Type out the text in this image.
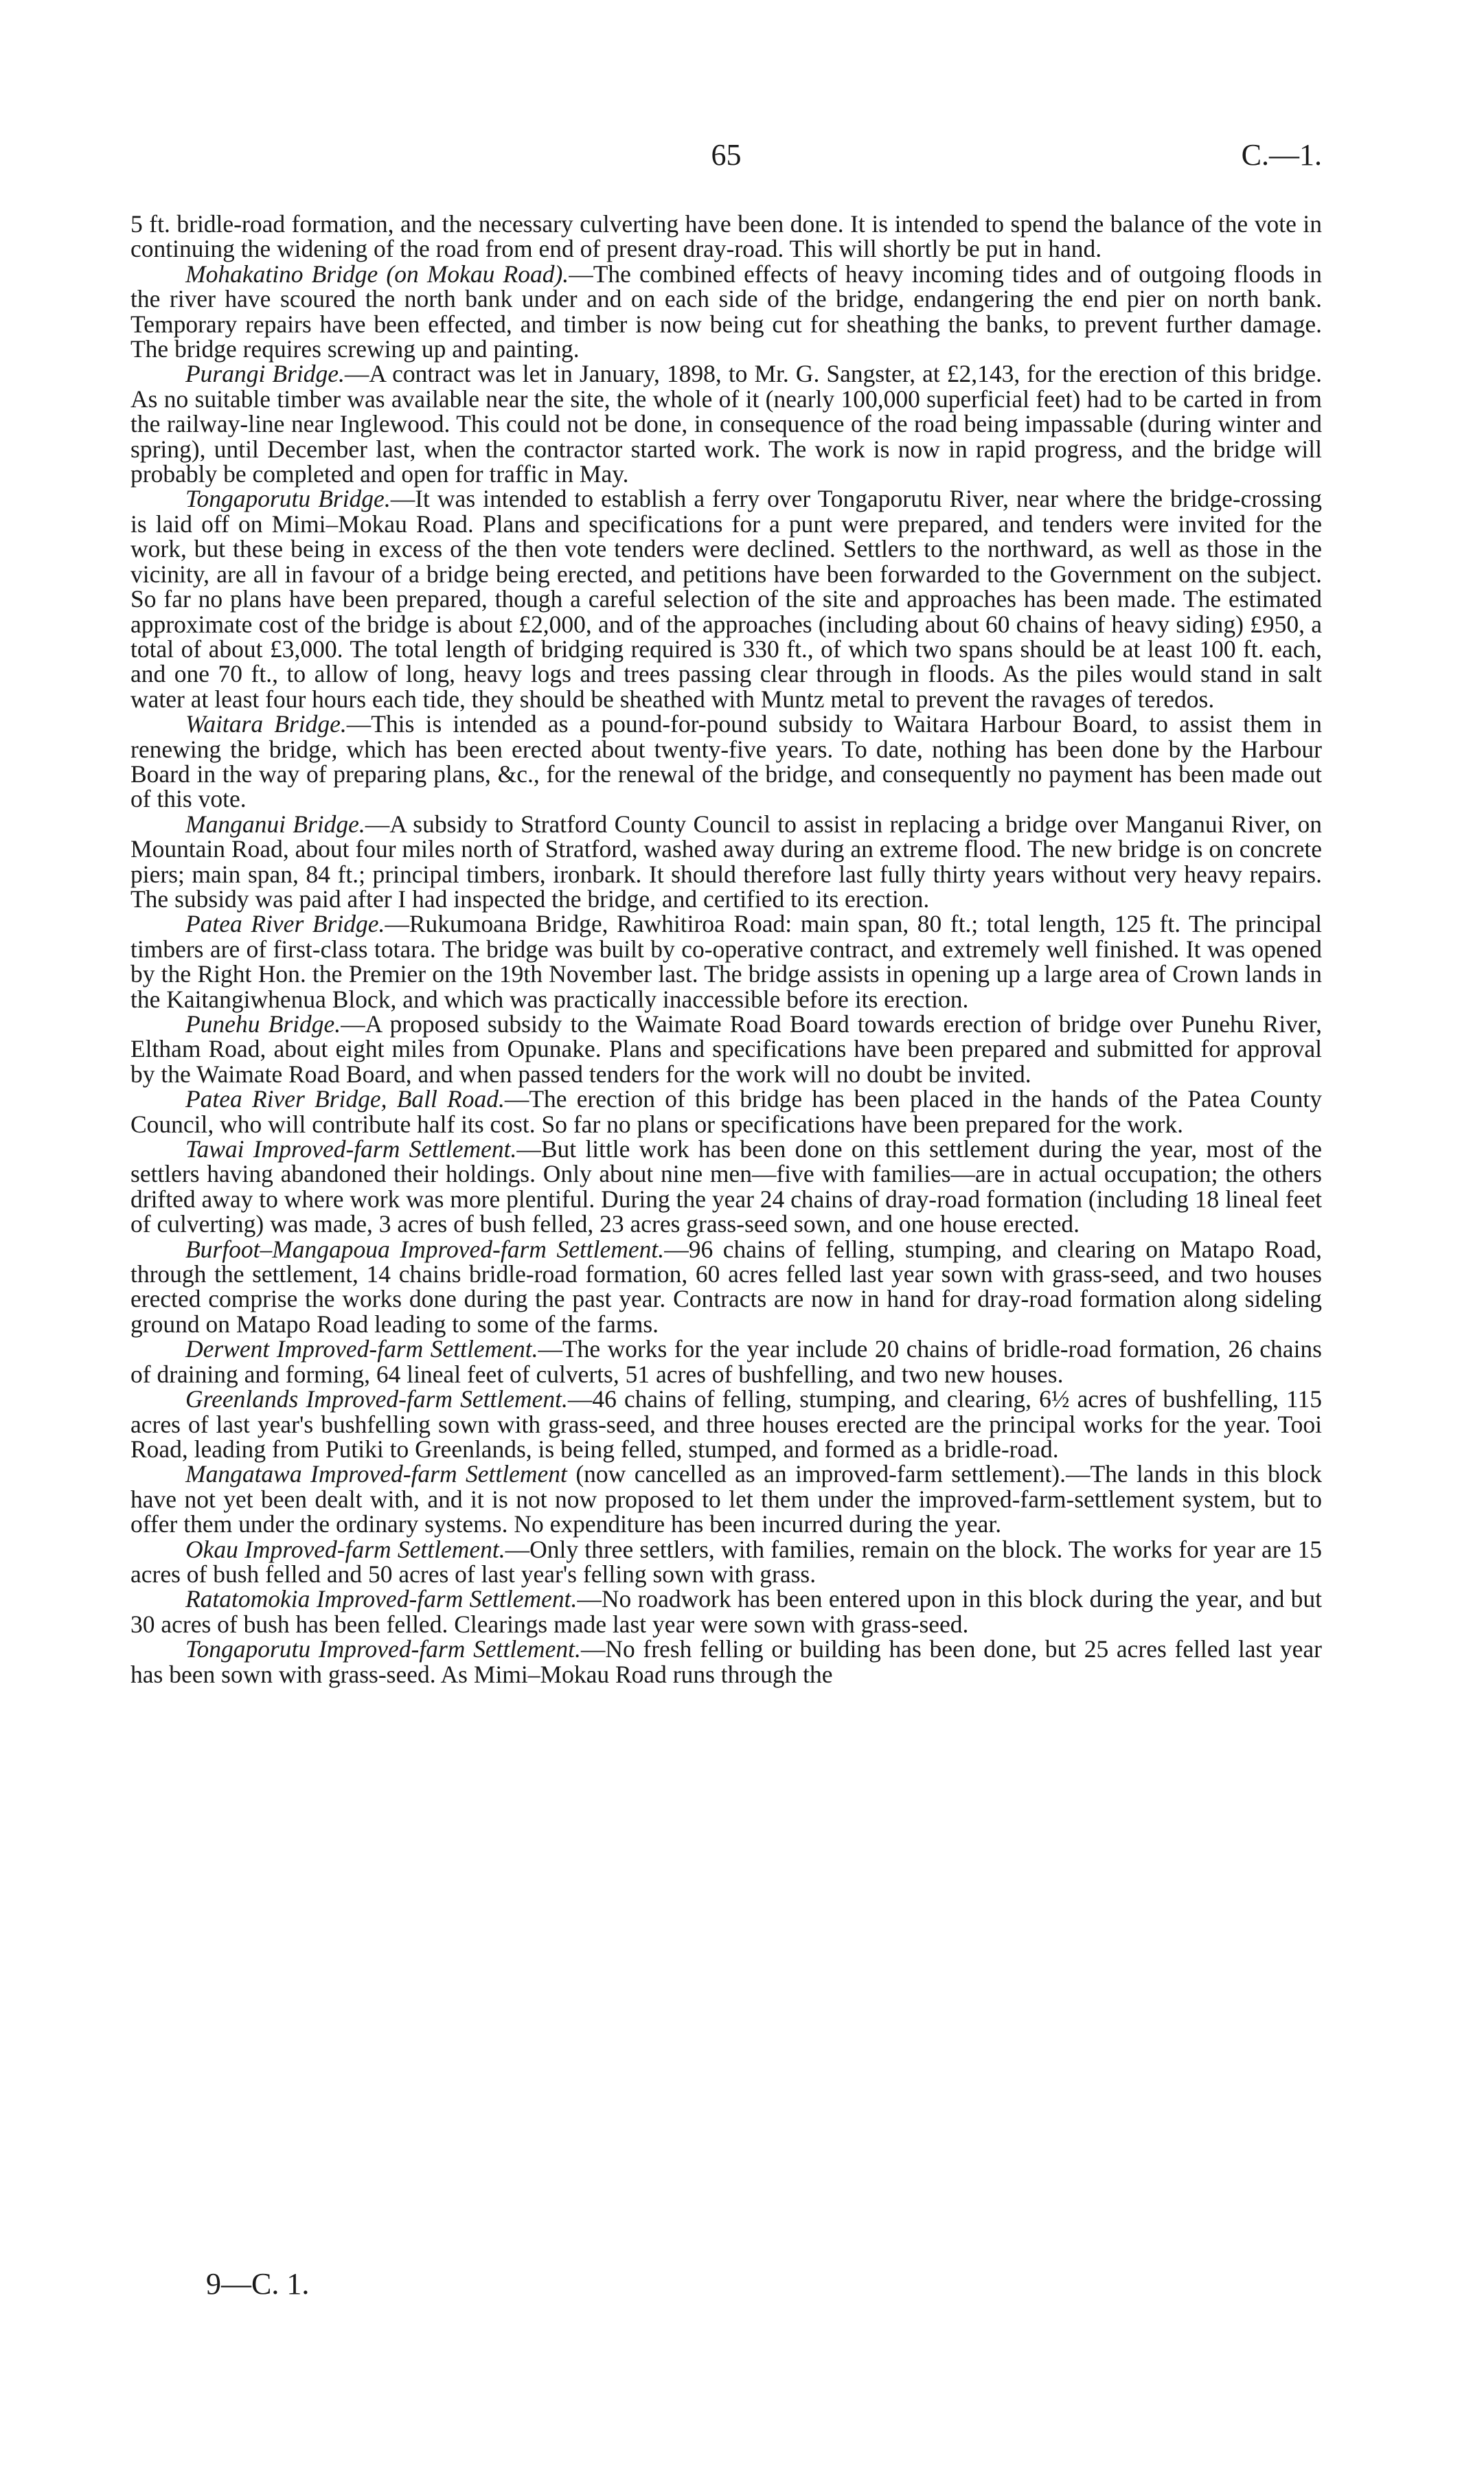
65	C.—1.

5 ft. bridle-road formation, and the necessary culverting have been done. It is intended to spend the balance of the vote in continuing the widening of the road from end of present dray-road. This will shortly be put in hand.

Mohakatino Bridge (on Mokau Road).—The combined effects of heavy incoming tides and of outgoing floods in the river have scoured the north bank under and on each side of the bridge, endangering the end pier on north bank. Temporary repairs have been effected, and timber is now being cut for sheathing the banks, to prevent further damage. The bridge requires screwing up and painting.

Purangi Bridge.—A contract was let in January, 1898, to Mr. G. Sangster, at £2,143, for the erection of this bridge. As no suitable timber was available near the site, the whole of it (nearly 100,000 superficial feet) had to be carted in from the railway-line near Inglewood. This could not be done, in consequence of the road being impassable (during winter and spring), until December last, when the contractor started work. The work is now in rapid progress, and the bridge will probably be completed and open for traffic in May.

Tongaporutu Bridge.—It was intended to establish a ferry over Tongaporutu River, near where the bridge-crossing is laid off on Mimi–Mokau Road. Plans and specifications for a punt were prepared, and tenders were invited for the work, but these being in excess of the then vote tenders were declined. Settlers to the northward, as well as those in the vicinity, are all in favour of a bridge being erected, and petitions have been forwarded to the Government on the subject. So far no plans have been prepared, though a careful selection of the site and approaches has been made. The estimated approximate cost of the bridge is about £2,000, and of the approaches (including about 60 chains of heavy siding) £950, a total of about £3,000. The total length of bridging required is 330 ft., of which two spans should be at least 100 ft. each, and one 70 ft., to allow of long, heavy logs and trees passing clear through in floods. As the piles would stand in salt water at least four hours each tide, they should be sheathed with Muntz metal to prevent the ravages of teredos.

Waitara Bridge.—This is intended as a pound-for-pound subsidy to Waitara Harbour Board, to assist them in renewing the bridge, which has been erected about twenty-five years. To date, nothing has been done by the Harbour Board in the way of preparing plans, &c., for the renewal of the bridge, and consequently no payment has been made out of this vote.

Manganui Bridge.—A subsidy to Stratford County Council to assist in replacing a bridge over Manganui River, on Mountain Road, about four miles north of Stratford, washed away during an extreme flood. The new bridge is on concrete piers; main span, 84 ft.; principal timbers, ironbark. It should therefore last fully thirty years without very heavy repairs. The subsidy was paid after I had inspected the bridge, and certified to its erection.

Patea River Bridge.—Rukumoana Bridge, Rawhitiroa Road: main span, 80 ft.; total length, 125 ft. The principal timbers are of first-class totara. The bridge was built by co-operative contract, and extremely well finished. It was opened by the Right Hon. the Premier on the 19th November last. The bridge assists in opening up a large area of Crown lands in the Kaitangiwhenua Block, and which was practically inaccessible before its erection.

Punehu Bridge.—A proposed subsidy to the Waimate Road Board towards erection of bridge over Punehu River, Eltham Road, about eight miles from Opunake. Plans and specifications have been prepared and submitted for approval by the Waimate Road Board, and when passed tenders for the work will no doubt be invited.

Patea River Bridge, Ball Road.—The erection of this bridge has been placed in the hands of the Patea County Council, who will contribute half its cost. So far no plans or specifications have been prepared for the work.

Tawai Improved-farm Settlement.—But little work has been done on this settlement during the year, most of the settlers having abandoned their holdings. Only about nine men—five with families—are in actual occupation; the others drifted away to where work was more plentiful. During the year 24 chains of dray-road formation (including 18 lineal feet of culverting) was made, 3 acres of bush felled, 23 acres grass-seed sown, and one house erected.

Burfoot–Mangapoua Improved-farm Settlement.—96 chains of felling, stumping, and clearing on Matapo Road, through the settlement, 14 chains bridle-road formation, 60 acres felled last year sown with grass-seed, and two houses erected comprise the works done during the past year. Contracts are now in hand for dray-road formation along sideling ground on Matapo Road leading to some of the farms.

Derwent Improved-farm Settlement.—The works for the year include 20 chains of bridle-road formation, 26 chains of draining and forming, 64 lineal feet of culverts, 51 acres of bushfelling, and two new houses.

Greenlands Improved-farm Settlement.—46 chains of felling, stumping, and clearing, 6½ acres of bushfelling, 115 acres of last year's bushfelling sown with grass-seed, and three houses erected are the principal works for the year. Tooi Road, leading from Putiki to Greenlands, is being felled, stumped, and formed as a bridle-road.

Mangatawa Improved-farm Settlement (now cancelled as an improved-farm settlement).—The lands in this block have not yet been dealt with, and it is not now proposed to let them under the improved-farm-settlement system, but to offer them under the ordinary systems. No expenditure has been incurred during the year.

Okau Improved-farm Settlement.—Only three settlers, with families, remain on the block. The works for year are 15 acres of bush felled and 50 acres of last year's felling sown with grass.

Ratatomokia Improved-farm Settlement.—No roadwork has been entered upon in this block during the year, and but 30 acres of bush has been felled. Clearings made last year were sown with grass-seed.

Tongaporutu Improved-farm Settlement.—No fresh felling or building has been done, but 25 acres felled last year has been sown with grass-seed. As Mimi–Mokau Road runs through the

9—C. 1.
